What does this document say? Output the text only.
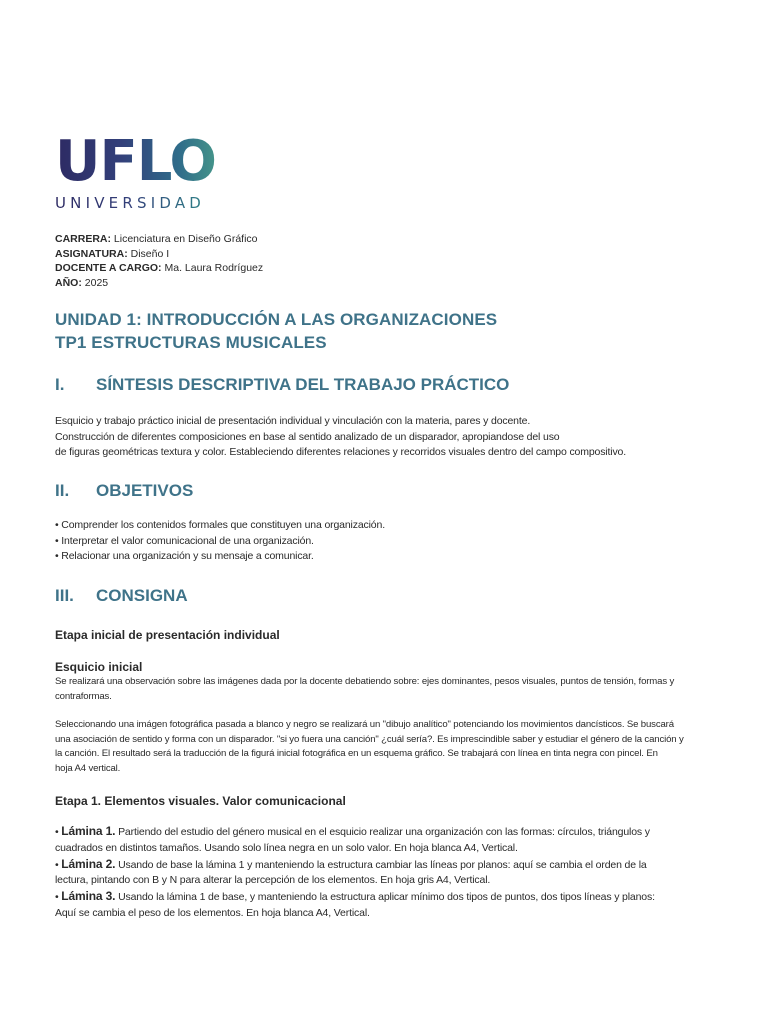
UFLO
UNIVERSIDAD
CARRERA: Licenciatura en Diseño Gráfico
ASIGNATURA: Diseño I
DOCENTE A CARGO: Ma. Laura Rodríguez
AÑO: 2025
UNIDAD 1: INTRODUCCIÓN A LAS ORGANIZACIONES
TP1 ESTRUCTURAS MUSICALES
I. SÍNTESIS DESCRIPTIVA DEL TRABAJO PRÁCTICO

Esquicio y trabajo práctico inicial de presentación individual y vinculación con la materia, pares y docente.

Construcción de diferentes composiciones en base al sentido analizado de un disparador, apropiandose del uso

de figuras geométricas textura y color. Estableciendo diferentes relaciones y recorridos visuales dentro del campo compositivo.

II. OBJETIVOS

• Comprender los contenidos formales que constituyen una organización.

• Interpretar el valor comunicacional de una organización.

• Relacionar una organización y su mensaje a comunicar.

III. CONSIGNA
Etapa inicial de presentación individual
Esquicio inicial

Se realizará una observación sobre las imágenes dada por la docente debatiendo sobre: ejes dominantes, pesos visuales, puntos de tensión, formas y

contraformas.

Seleccionando una imágen fotográfica pasada a blanco y negro se realizará un "dibujo analítico" potenciando los movimientos dancísticos. Se buscará

una asociación de sentido y forma con un disparador. "si yo fuera una canción" ¿cuál sería?. Es imprescindible saber y estudiar el género de la canción y

la canción. El resultado será la traducción de la figurá inicial fotográfica en un esquema gráfico. Se trabajará con línea en tinta negra con pincel. En

hoja A4 vertical.

Etapa 1. Elementos visuales. Valor comunicacional
• Lámina 1. Partiendo del estudio del género musical en el esquicio realizar una organización con las formas: círculos, triángulos y
cuadrados en distintos tamaños. Usando solo línea negra en un solo valor. En hoja blanca A4, Vertical.
• Lámina 2. Usando de base la lámina 1 y manteniendo la estructura cambiar las líneas por planos: aquí se cambia el orden de la
lectura, pintando con B y N para alterar la percepción de los elementos. En hoja gris A4, Vertical.
• Lámina 3. Usando la lámina 1 de base, y manteniendo la estructura aplicar mínimo dos tipos de puntos, dos tipos líneas y planos:
Aquí se cambia el peso de los elementos. En hoja blanca A4, Vertical.
